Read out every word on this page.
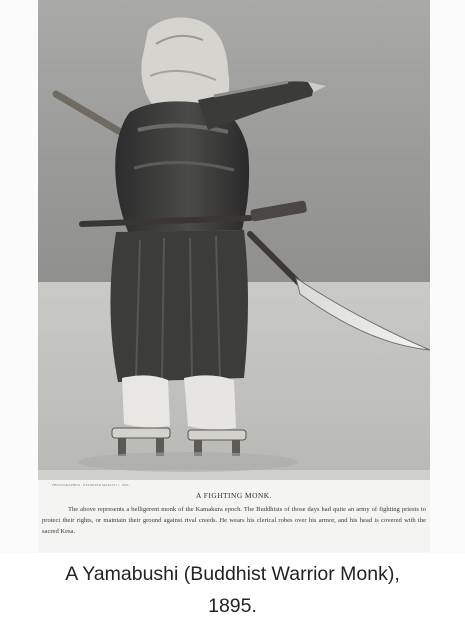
PHOTOGRAPHED · REPORTED MARCH 17, 1895.
A FIGHTING MONK.
The above represents a belligerent monk of the Kamakura epoch. The Buddhists of those days had quite an army of fighting priests to protect their rights, or maintain their ground against rival creeds. He wears his clerical robes over his armor, and his head is covered with the sacred Kesa.
A Yamabushi (Buddhist Warrior Monk),
1895.
